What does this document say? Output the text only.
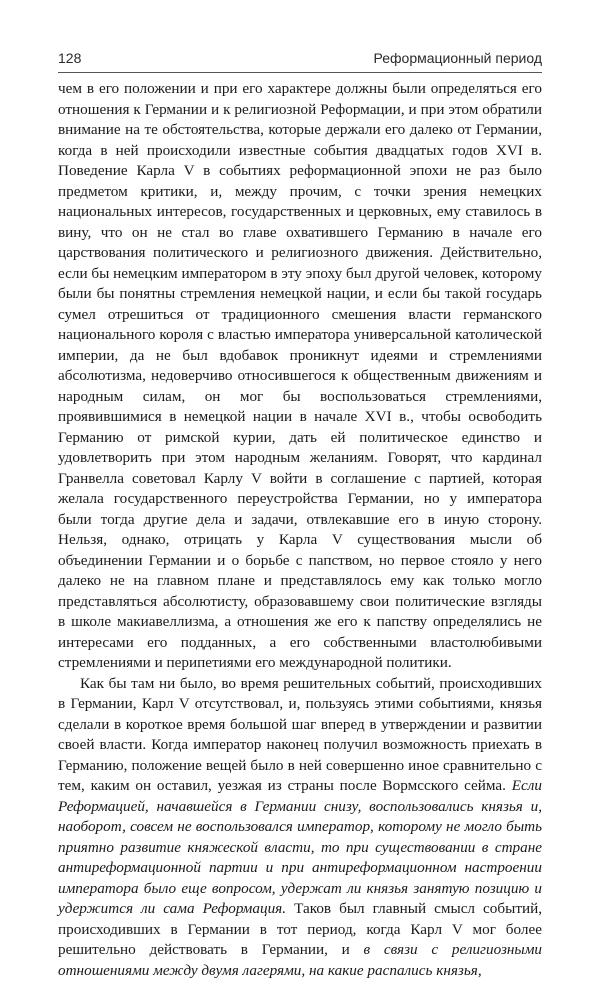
128	Реформационный период

чем в его положении и при его характере должны были определяться его отношения к Германии и к религиозной Реформации, и при этом обратили внимание на те обстоятельства, которые держали его далеко от Германии, когда в ней происходили известные события двадцатых годов XVI в. Поведение Карла V в событиях реформационной эпохи не раз было предметом критики, и, между прочим, с точки зрения немецких национальных интересов, государственных и церковных, ему ставилось в вину, что он не стал во главе охватившего Германию в начале его царствования политического и религиозного движения. Действительно, если бы немецким императором в эту эпоху был другой человек, которому были бы понятны стремления немецкой нации, и если бы такой государь сумел отрешиться от традиционного смешения власти германского национального короля с властью императора универсальной католической империи, да не был вдобавок проникнут идеями и стремлениями абсолютизма, недоверчиво относившегося к общественным движениям и народным силам, он мог бы воспользоваться стремлениями, проявившимися в немецкой нации в начале XVI в., чтобы освободить Германию от римской курии, дать ей политическое единство и удовлетворить при этом народным желаниям. Говорят, что кардинал Гранвелла советовал Карлу V войти в соглашение с партией, которая желала государственного переустройства Германии, но у императора были тогда другие дела и задачи, отвлекавшие его в иную сторону. Нельзя, однако, отрицать у Карла V существования мысли об объединении Германии и о борьбе с папством, но первое стояло у него далеко не на главном плане и представлялось ему как только могло представляться абсолютисту, образовавшему свои политические взгляды в школе макиавеллизма, а отношения же его к папству определялись не интересами его подданных, а его собственными властолюбивыми стремлениями и перипетиями его международной политики.

Как бы там ни было, во время решительных событий, происходивших в Германии, Карл V отсутствовал, и, пользуясь этими событиями, князья сделали в короткое время большой шаг вперед в утверждении и развитии своей власти. Когда император наконец получил возможность приехать в Германию, положение вещей было в ней совершенно иное сравнительно с тем, каким он оставил, уезжая из страны после Вормсского сейма. Если Реформацией, начавшейся в Германии снизу, воспользовались князья и, наоборот, совсем не воспользовался император, которому не могло быть приятно развитие княжеской власти, то при существовании в стране антиреформационной партии и при антиреформационном настроении императора было еще вопросом, удержат ли князья занятую позицию и удержится ли сама Реформация. Таков был главный смысл событий, происходивших в Германии в тот период, когда Карл V мог более решительно действовать в Германии, и в связи с религиозными отношениями между двумя лагерями, на какие распались князья,
